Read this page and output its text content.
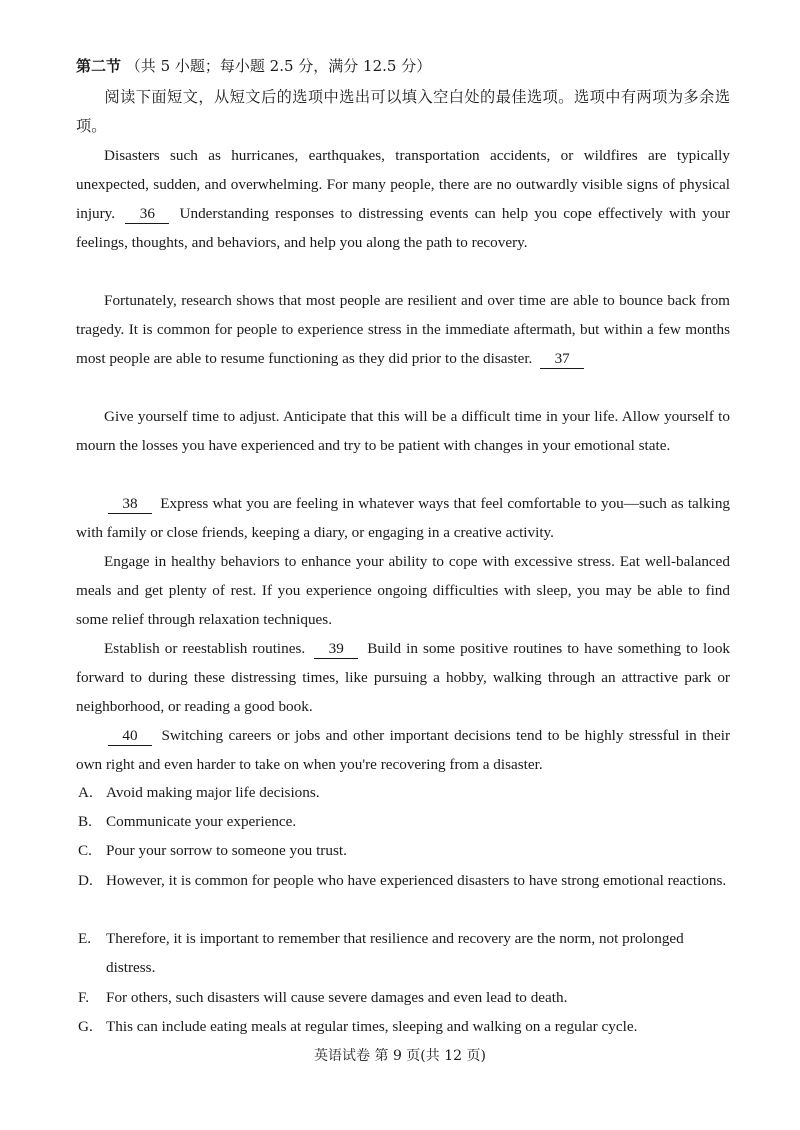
第二节 （共 5 小题；每小题 2.5 分，满分 12.5 分）
阅读下面短文，从短文后的选项中选出可以填入空白处的最佳选项。选项中有两项为多余选项。
Disasters such as hurricanes, earthquakes, transportation accidents, or wildfires are typically unexpected, sudden, and overwhelming. For many people, there are no outwardly visible signs of physical injury. 36 Understanding responses to distressing events can help you cope effectively with your feelings, thoughts, and behaviors, and help you along the path to recovery.
Fortunately, research shows that most people are resilient and over time are able to bounce back from tragedy. It is common for people to experience stress in the immediate aftermath, but within a few months most people are able to resume functioning as they did prior to the disaster. 37
Give yourself time to adjust. Anticipate that this will be a difficult time in your life. Allow yourself to mourn the losses you have experienced and try to be patient with changes in your emotional state.
38 Express what you are feeling in whatever ways that feel comfortable to you—such as talking with family or close friends, keeping a diary, or engaging in a creative activity.
Engage in healthy behaviors to enhance your ability to cope with excessive stress. Eat well-balanced meals and get plenty of rest. If you experience ongoing difficulties with sleep, you may be able to find some relief through relaxation techniques.
Establish or reestablish routines. 39 Build in some positive routines to have something to look forward to during these distressing times, like pursuing a hobby, walking through an attractive park or neighborhood, or reading a good book.
40 Switching careers or jobs and other important decisions tend to be highly stressful in their own right and even harder to take on when you're recovering from a disaster.
A. Avoid making major life decisions.
B. Communicate your experience.
C. Pour your sorrow to someone you trust.
D. However, it is common for people who have experienced disasters to have strong emotional reactions.
E. Therefore, it is important to remember that resilience and recovery are the norm, not prolonged distress.
F. For others, such disasters will cause severe damages and even lead to death.
G. This can include eating meals at regular times, sleeping and walking on a regular cycle.
英语试卷 第 9 页(共 12 页)
